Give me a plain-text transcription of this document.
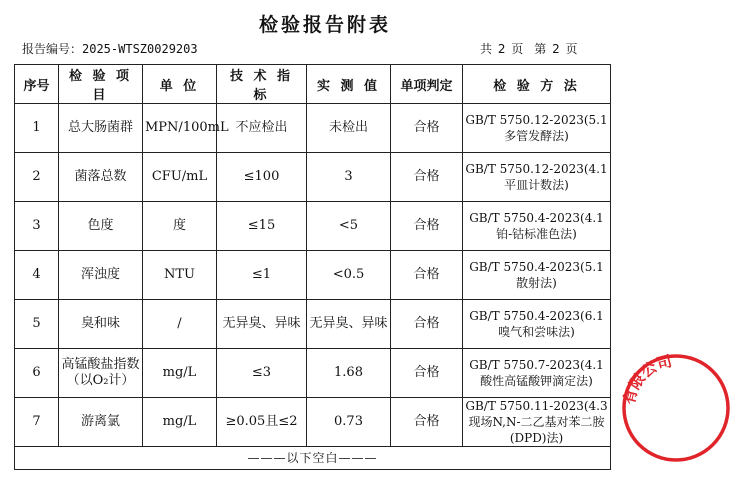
检验报告附表
报告编号：2025-WTSZ0029203	共 2 页 第 2 页
序号	检 验 项 目	单 位	技 术 指 标	实 测 值	单项判定	检 验 方 法
1	总大肠菌群	MPN/100mL	不应检出	未检出	合格	GB/T 5750.12-2023(5.1多管发酵法)
2	菌落总数	CFU/mL	≤100	3	合格	GB/T 5750.12-2023(4.1平皿计数法)
3	色度	度	≤15	<5	合格	GB/T 5750.4-2023(4.1铂-钴标准色法)
4	浑浊度	NTU	≤1	<0.5	合格	GB/T 5750.4-2023(5.1散射法)
5	臭和味	/	无异臭、异味	无异臭、异味	合格	GB/T 5750.4-2023(6.1嗅气和尝味法)
6	高锰酸盐指数（以O₂计）	mg/L	≤3	1.68	合格	GB/T 5750.7-2023(4.1酸性高锰酸钾滴定法)
7	游离氯	mg/L	≥0.05且≤2	0.73	合格	GB/T 5750.11-2023(4.3现场N,N-二乙基对苯二胺(DPD)法)
———以下空白———						
有限公司
